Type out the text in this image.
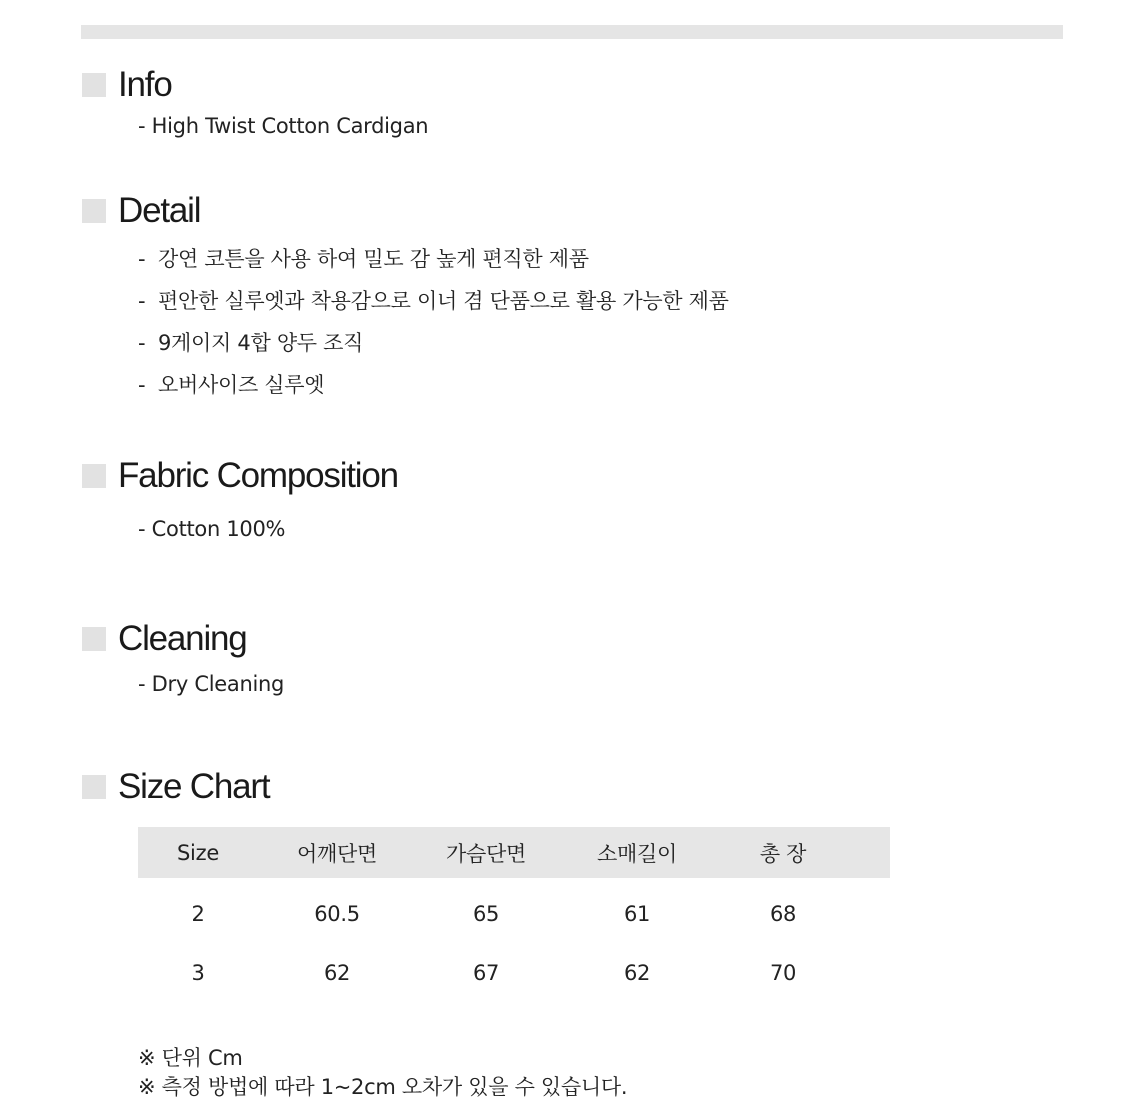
Info
- High Twist Cotton Cardigan
Detail
- 강연 코튼을 사용 하여 밀도 감 높게 편직한 제품
- 편안한 실루엣과 착용감으로 이너 겸 단품으로 활용 가능한 제품
- 9게이지 4합 양두 조직
- 오버사이즈 실루엣
Fabric Composition
- Cotton 100%
Cleaning
- Dry Cleaning
Size Chart
Size	어깨단면	가슴단면	소매길이	총 장
2	60.5	65	61	68
3	62	67	62	70
※ 단위 Cm
※ 측정 방법에 따라 1~2cm 오차가 있을 수 있습니다.
